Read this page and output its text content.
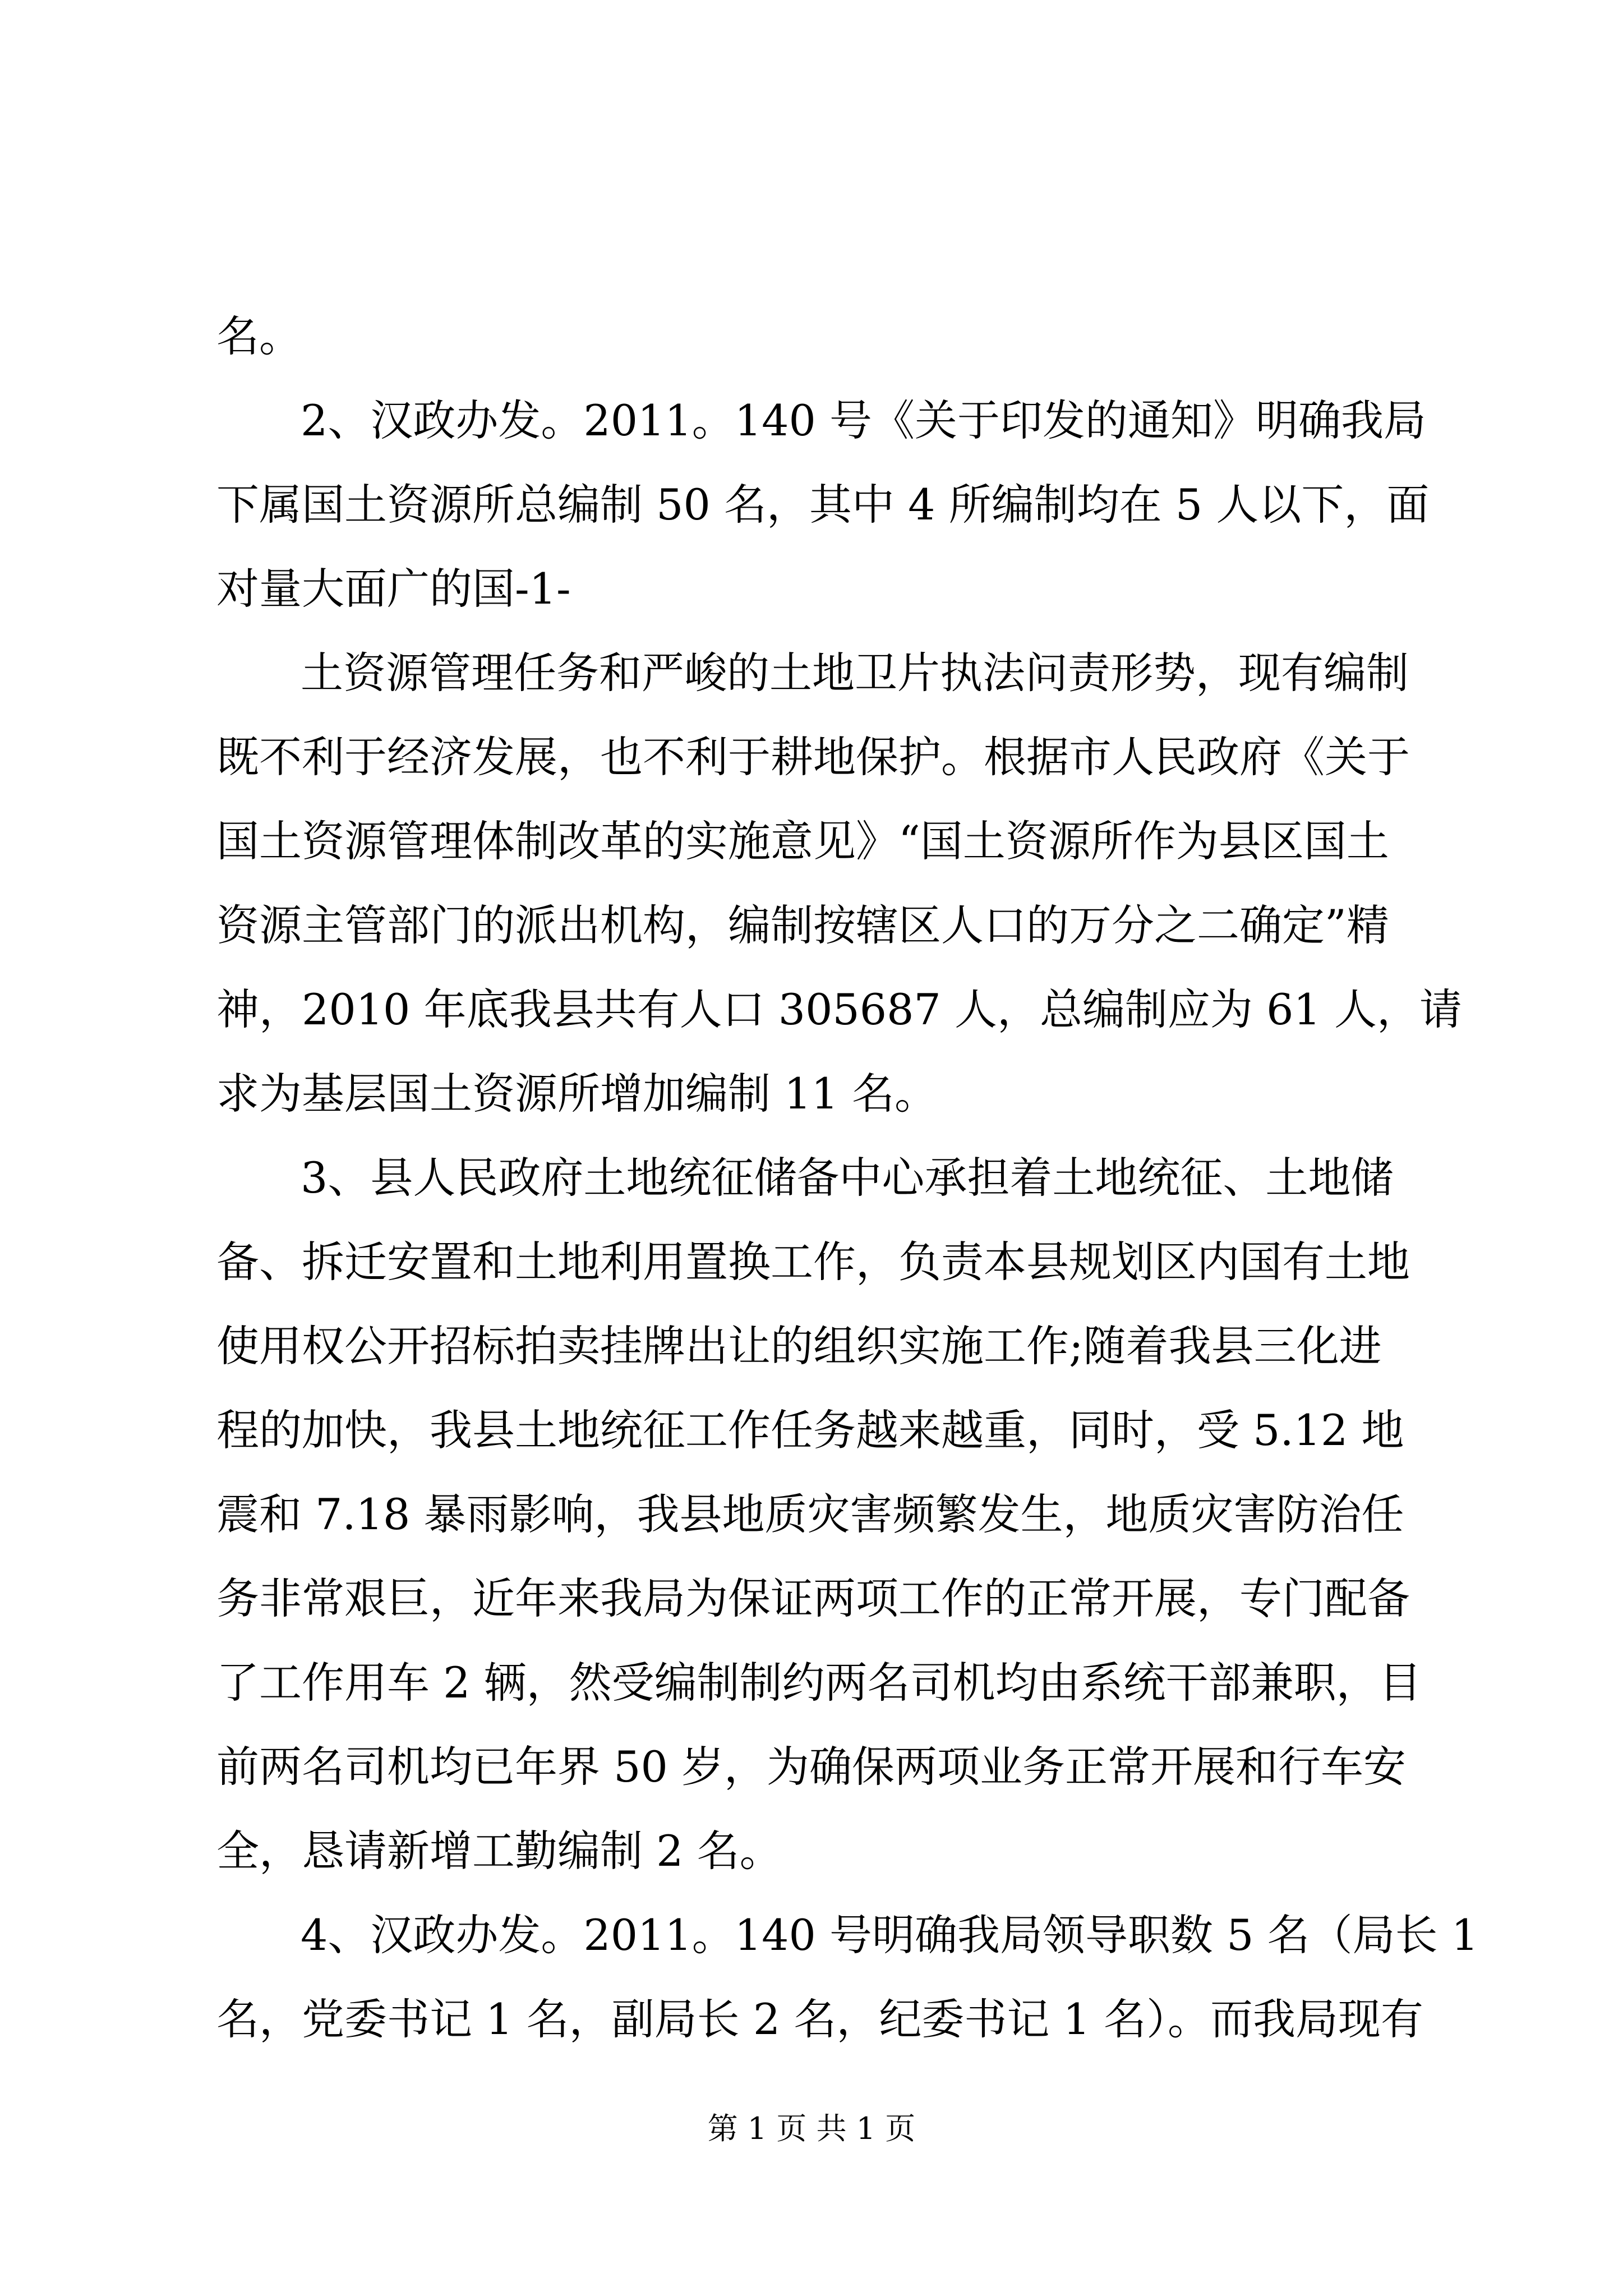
名。

2、汉政办发。2011。140 号《关于印发的通知》明确我局

下属国土资源所总编制 50 名，其中 4 所编制均在 5 人以下，面

对量大面广的国-1-

土资源管理任务和严峻的土地卫片执法问责形势，现有编制

既不利于经济发展，也不利于耕地保护。根据市人民政府《关于

国土资源管理体制改革的实施意见》“国土资源所作为县区国土

资源主管部门的派出机构，编制按辖区人口的万分之二确定”精

神，2010 年底我县共有人口 305687 人，总编制应为 61 人，请

求为基层国土资源所增加编制 11 名。

3、县人民政府土地统征储备中心承担着土地统征、土地储

备、拆迁安置和土地利用置换工作，负责本县规划区内国有土地

使用权公开招标拍卖挂牌出让的组织实施工作;随着我县三化进

程的加快，我县土地统征工作任务越来越重，同时，受 5.12 地

震和 7.18 暴雨影响，我县地质灾害频繁发生，地质灾害防治任

务非常艰巨，近年来我局为保证两项工作的正常开展，专门配备

了工作用车 2 辆，然受编制制约两名司机均由系统干部兼职，目

前两名司机均已年界 50 岁，为确保两项业务正常开展和行车安

全，恳请新增工勤编制 2 名。

4、汉政办发。2011。140 号明确我局领导职数 5 名（局长 1

名，党委书记 1 名，副局长 2 名，纪委书记 1 名）。而我局现有

第 1 页 共 1 页
